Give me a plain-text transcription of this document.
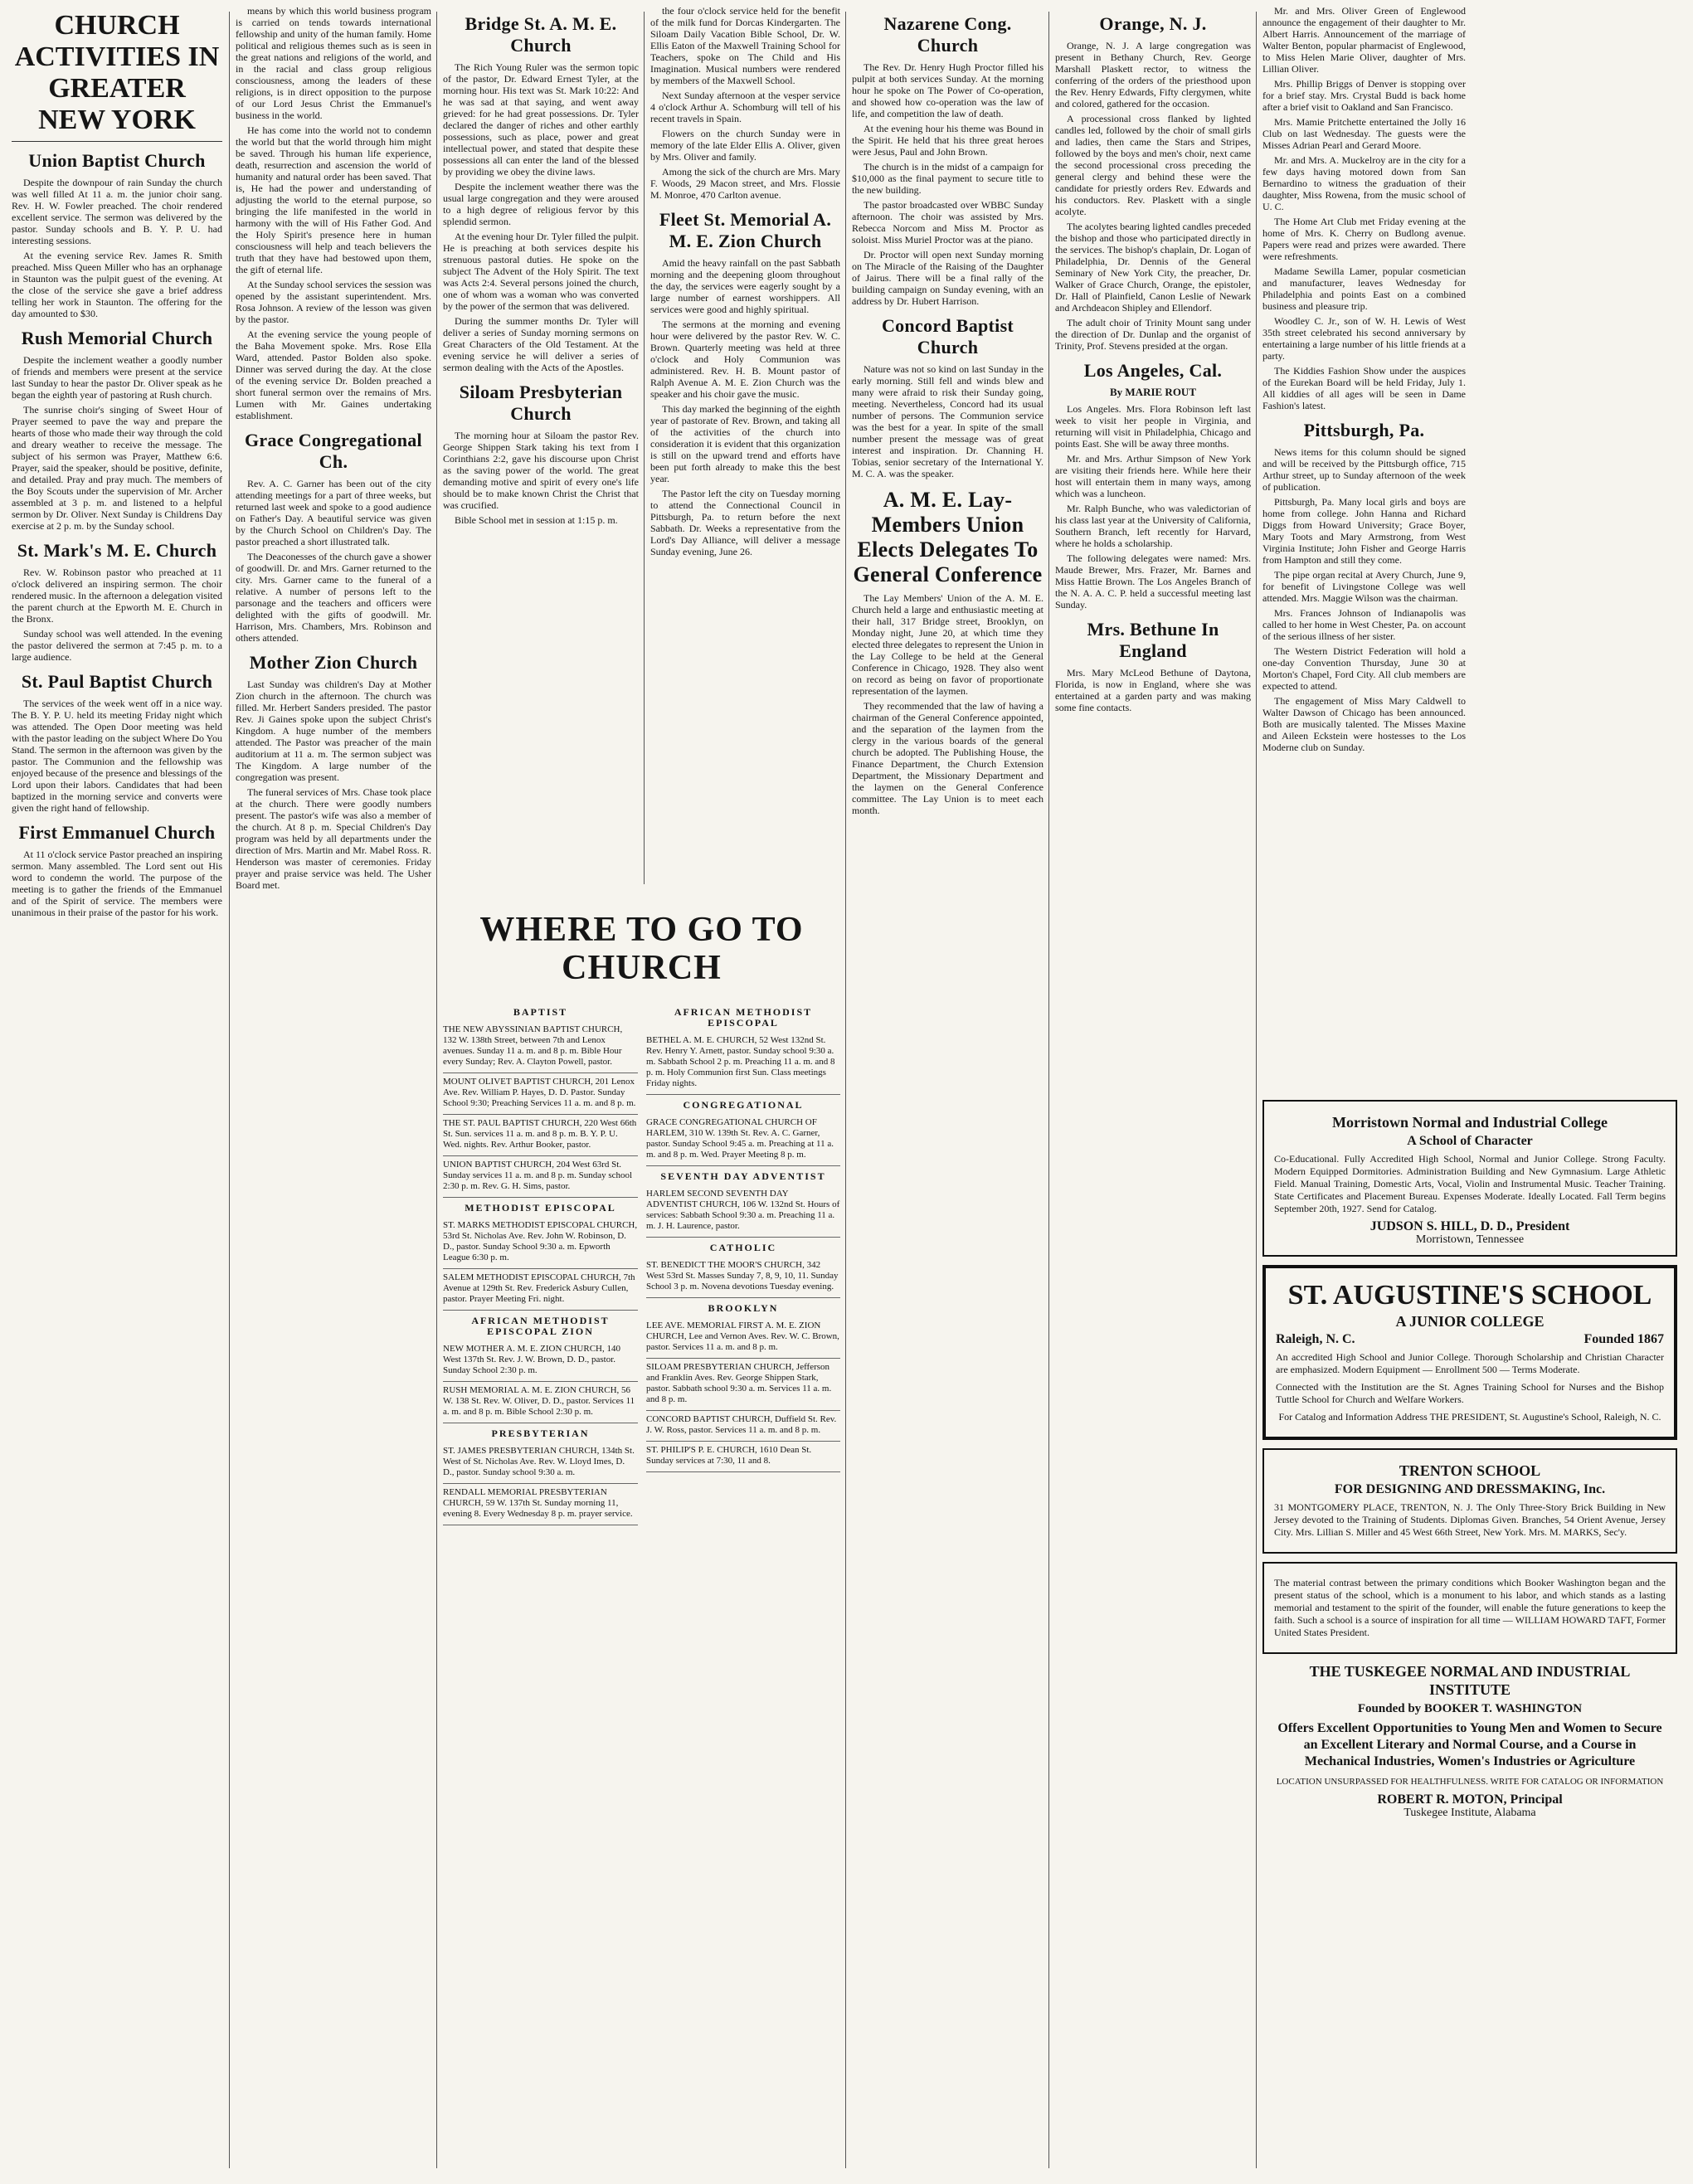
CHURCH ACTIVITIES IN GREATER NEW YORK
Union Baptist Church

Despite the downpour of rain Sunday the church was well filled At 11 a. m. the junior choir sang. Rev. H. W. Fowler preached. The choir rendered excellent service. The sermon was delivered by the pastor. Sunday schools and B. Y. P. U. had interesting sessions.

At the evening service Rev. James R. Smith preached. Miss Queen Miller who has an orphanage in Staunton was the pulpit guest of the evening. At the close of the service she gave a brief address telling her work in Staunton. The offering for the day amounted to $30.

Rush Memorial Church

Despite the inclement weather a goodly number of friends and members were present at the service last Sunday to hear the pastor Dr. Oliver speak as he began the eighth year of pastoring at Rush church.

The sunrise choir's singing of Sweet Hour of Prayer seemed to pave the way and prepare the hearts of those who made their way through the cold and dreary weather to receive the message. The subject of his sermon was Prayer, Matthew 6:6. Prayer, said the speaker, should be positive, definite, and detailed. Pray and pray much. The members of the Boy Scouts under the supervision of Mr. Archer assembled at 3 p. m. and listened to a helpful sermon by Dr. Oliver. Next Sunday is Childrens Day exercise at 2 p. m. by the Sunday school.

St. Mark's M. E. Church

Rev. W. Robinson pastor who preached at 11 o'clock delivered an inspiring sermon. The choir rendered music. In the afternoon a delegation visited the parent church at the Epworth M. E. Church in the Bronx.

Sunday school was well attended. In the evening the pastor delivered the sermon at 7:45 p. m. to a large audience.

St. Paul Baptist Church

The services of the week went off in a nice way. The B. Y. P. U. held its meeting Friday night which was attended. The Open Door meeting was held with the pastor leading on the subject Where Do You Stand. The sermon in the afternoon was given by the pastor. The Communion and the fellowship was enjoyed because of the presence and blessings of the Lord upon their labors. Candidates that had been baptized in the morning service and converts were given the right hand of fellowship.

First Emmanuel Church

At 11 o'clock service Pastor preached an inspiring sermon. Many assembled. The Lord sent out His word to condemn the world. The purpose of the meeting is to gather the friends of the Emmanuel and of the Spirit of service. The members were unanimous in their praise of the pastor for his work.

means by which this world business program is carried on tends towards international fellowship and unity of the human family. Home political and religious themes such as is seen in the great nations and religions of the world, and in the racial and class group religious consciousness, among the leaders of these religions, is in direct opposition to the purpose of our Lord Jesus Christ the Emmanuel's business in the world.

He has come into the world not to condemn the world but that the world through him might be saved. Through his human life experience, death, resurrection and ascension the world of humanity and natural order has been saved. That is, He had the power and understanding of adjusting the world to the eternal purpose, so bringing the life manifested in the world in harmony with the will of His Father God. And the Holy Spirit's presence here in human consciousness will help and teach believers the truth that they have had bestowed upon them, the gift of eternal life.

At the Sunday school services the session was opened by the assistant superintendent. Mrs. Rosa Johnson. A review of the lesson was given by the pastor.

At the evening service the young people of the Baha Movement spoke. Mrs. Rose Ella Ward, attended. Pastor Bolden also spoke. Dinner was served during the day. At the close of the evening service Dr. Bolden preached a short funeral sermon over the remains of Mrs. Lumen with Mr. Gaines undertaking establishment.

Grace Congregational Ch.

Rev. A. C. Garner has been out of the city attending meetings for a part of three weeks, but returned last week and spoke to a good audience on Father's Day. A beautiful service was given by the Church School on Children's Day. The pastor preached a short illustrated talk.

The Deaconesses of the church gave a shower of goodwill. Dr. and Mrs. Garner returned to the city. Mrs. Garner came to the funeral of a relative. A number of persons left to the parsonage and the teachers and officers were delighted with the gifts of goodwill. Mr. Harrison, Mrs. Chambers, Mrs. Robinson and others attended.

Mother Zion Church

Last Sunday was children's Day at Mother Zion church in the afternoon. The church was filled. Mr. Herbert Sanders presided. The pastor Rev. Ji Gaines spoke upon the subject Christ's Kingdom. A huge number of the members attended. The Pastor was preacher of the main auditorium at 11 a. m. The sermon subject was The Kingdom. A large number of the congregation was present.

The funeral services of Mrs. Chase took place at the church. There were goodly numbers present. The pastor's wife was also a member of the church. At 8 p. m. Special Children's Day program was held by all departments under the direction of Mrs. Martin and Mr. Mabel Ross. R. Henderson was master of ceremonies. Friday prayer and praise service was held. The Usher Board met.

Bridge St. A. M. E. Church

The Rich Young Ruler was the sermon topic of the pastor, Dr. Edward Ernest Tyler, at the morning hour. His text was St. Mark 10:22: And he was sad at that saying, and went away grieved: for he had great possessions. Dr. Tyler declared the danger of riches and other earthly possessions, such as place, power and great intellectual power, and stated that despite these possessions all can enter the land of the blessed by providing we obey the divine laws.

Despite the inclement weather there was the usual large congregation and they were aroused to a high degree of religious fervor by this splendid sermon.

At the evening hour Dr. Tyler filled the pulpit. He is preaching at both services despite his strenuous pastoral duties. He spoke on the subject The Advent of the Holy Spirit. The text was Acts 2:4. Several persons joined the church, one of whom was a woman who was converted by the power of the sermon that was delivered.

During the summer months Dr. Tyler will deliver a series of Sunday morning sermons on Great Characters of the Old Testament. At the evening service he will deliver a series of sermon dealing with the Acts of the Apostles.

Siloam Presbyterian Church

The morning hour at Siloam the pastor Rev. George Shippen Stark taking his text from I Corinthians 2:2, gave his discourse upon Christ as the saving power of the world. The great demanding motive and spirit of every one's life should be to make known Christ the Christ that was crucified.

Bible School met in session at 1:15 p. m.

the four o'clock service held for the benefit of the milk fund for Dorcas Kindergarten. The Siloam Daily Vacation Bible School, Dr. W. Ellis Eaton of the Maxwell Training School for Teachers, spoke on The Child and His Imagination. Musical numbers were rendered by members of the Maxwell School.

Next Sunday afternoon at the vesper service 4 o'clock Arthur A. Schomburg will tell of his recent travels in Spain.

Flowers on the church Sunday were in memory of the late Elder Ellis A. Oliver, given by Mrs. Oliver and family.

Among the sick of the church are Mrs. Mary F. Woods, 29 Macon street, and Mrs. Flossie M. Monroe, 470 Carlton avenue.

Fleet St. Memorial A. M. E. Zion Church

Amid the heavy rainfall on the past Sabbath morning and the deepening gloom throughout the day, the services were eagerly sought by a large number of earnest worshippers. All services were good and highly spiritual.

The sermons at the morning and evening hour were delivered by the pastor Rev. W. C. Brown. Quarterly meeting was held at three o'clock and Holy Communion was administered. Rev. H. B. Mount pastor of Ralph Avenue A. M. E. Zion Church was the speaker and his choir gave the music.

This day marked the beginning of the eighth year of pastorate of Rev. Brown, and taking all of the activities of the church into consideration it is evident that this organization is still on the upward trend and efforts have been put forth already to make this the best year.

The Pastor left the city on Tuesday morning to attend the Connectional Council in Pittsburgh, Pa. to return before the next Sabbath. Dr. Weeks a representative from the Lord's Day Alliance, will deliver a message Sunday evening, June 26.

WHERE TO GO TO CHURCH
BAPTIST
THE NEW ABYSSINIAN BAPTIST CHURCH, 132 W. 138th Street, between 7th and Lenox avenues. Sunday 11 a. m. and 8 p. m. Bible Hour every Sunday; Rev. A. Clayton Powell, pastor.
MOUNT OLIVET BAPTIST CHURCH, 201 Lenox Ave. Rev. William P. Hayes, D. D. Pastor. Sunday School 9:30; Preaching Services 11 a. m. and 8 p. m.
THE ST. PAUL BAPTIST CHURCH, 220 West 66th St. Sun. services 11 a. m. and 8 p. m. B. Y. P. U. Wed. nights. Rev. Arthur Booker, pastor.
UNION BAPTIST CHURCH, 204 West 63rd St. Sunday services 11 a. m. and 8 p. m. Sunday school 2:30 p. m. Rev. G. H. Sims, pastor.
METHODIST EPISCOPAL
ST. MARKS METHODIST EPISCOPAL CHURCH, 53rd St. Nicholas Ave. Rev. John W. Robinson, D. D., pastor. Sunday School 9:30 a. m. Epworth League 6:30 p. m.
SALEM METHODIST EPISCOPAL CHURCH, 7th Avenue at 129th St. Rev. Frederick Asbury Cullen, pastor. Prayer Meeting Fri. night.
AFRICAN METHODIST EPISCOPAL ZION
NEW MOTHER A. M. E. ZION CHURCH, 140 West 137th St. Rev. J. W. Brown, D. D., pastor. Sunday School 2:30 p. m.
RUSH MEMORIAL A. M. E. ZION CHURCH, 56 W. 138 St. Rev. W. Oliver, D. D., pastor. Services 11 a. m. and 8 p. m. Bible School 2:30 p. m.
PRESBYTERIAN
ST. JAMES PRESBYTERIAN CHURCH, 134th St. West of St. Nicholas Ave. Rev. W. Lloyd Imes, D. D., pastor. Sunday school 9:30 a. m.
RENDALL MEMORIAL PRESBYTERIAN CHURCH, 59 W. 137th St. Sunday morning 11, evening 8. Every Wednesday 8 p. m. prayer service.
AFRICAN METHODIST EPISCOPAL
BETHEL A. M. E. CHURCH, 52 West 132nd St. Rev. Henry Y. Arnett, pastor. Sunday school 9:30 a. m. Sabbath School 2 p. m. Preaching 11 a. m. and 8 p. m. Holy Communion first Sun. Class meetings Friday nights.
CONGREGATIONAL
GRACE CONGREGATIONAL CHURCH OF HARLEM, 310 W. 139th St. Rev. A. C. Garner, pastor. Sunday School 9:45 a. m. Preaching at 11 a. m. and 8 p. m. Wed. Prayer Meeting 8 p. m.
SEVENTH DAY ADVENTIST
HARLEM SECOND SEVENTH DAY ADVENTIST CHURCH, 106 W. 132nd St. Hours of services: Sabbath School 9:30 a. m. Preaching 11 a. m. J. H. Laurence, pastor.
CATHOLIC
ST. BENEDICT THE MOOR'S CHURCH, 342 West 53rd St. Masses Sunday 7, 8, 9, 10, 11. Sunday School 3 p. m. Novena devotions Tuesday evening.
BROOKLYN
LEE AVE. MEMORIAL FIRST A. M. E. ZION CHURCH, Lee and Vernon Aves. Rev. W. C. Brown, pastor. Services 11 a. m. and 8 p. m.
SILOAM PRESBYTERIAN CHURCH, Jefferson and Franklin Aves. Rev. George Shippen Stark, pastor. Sabbath school 9:30 a. m. Services 11 a. m. and 8 p. m.
CONCORD BAPTIST CHURCH, Duffield St. Rev. J. W. Ross, pastor. Services 11 a. m. and 8 p. m.
ST. PHILIP'S P. E. CHURCH, 1610 Dean St. Sunday services at 7:30, 11 and 8.
Nazarene Cong. Church

The Rev. Dr. Henry Hugh Proctor filled his pulpit at both services Sunday. At the morning hour he spoke on The Power of Co-operation, and showed how co-operation was the law of life, and competition the law of death.

At the evening hour his theme was Bound in the Spirit. He held that his three great heroes were Jesus, Paul and John Brown.

The church is in the midst of a campaign for $10,000 as the final payment to secure title to the new building.

The pastor broadcasted over WBBC Sunday afternoon. The choir was assisted by Mrs. Rebecca Norcom and Miss M. Proctor as soloist. Miss Muriel Proctor was at the piano.

Dr. Proctor will open next Sunday morning on The Miracle of the Raising of the Daughter of Jairus. There will be a final rally of the building campaign on Sunday evening, with an address by Dr. Hubert Harrison.

Concord Baptist Church

Nature was not so kind on last Sunday in the early morning. Still fell and winds blew and many were afraid to risk their Sunday going, meeting. Nevertheless, Concord had its usual number of persons. The Communion service was the best for a year. In spite of the small number present the message was of great interest and inspiration. Dr. Channing H. Tobias, senior secretary of the International Y. M. C. A. was the speaker.

A. M. E. Lay-Members Union Elects Delegates To General Conference

The Lay Members' Union of the A. M. E. Church held a large and enthusiastic meeting at their hall, 317 Bridge street, Brooklyn, on Monday night, June 20, at which time they elected three delegates to represent the Union in the Lay College to be held at the General Conference in Chicago, 1928. They also went on record as being on favor of proportionate representation of the laymen.

They recommended that the law of having a chairman of the General Conference appointed, and the separation of the laymen from the clergy in the various boards of the general church be adopted. The Publishing House, the Finance Department, the Church Extension Department, the Missionary Department and the laymen on the General Conference committee. The Lay Union is to meet each month.

Orange, N. J.

Orange, N. J. A large congregation was present in Bethany Church, Rev. George Marshall Plaskett rector, to witness the conferring of the orders of the priesthood upon the Rev. Henry Edwards, Fifty clergymen, white and colored, gathered for the occasion.

A processional cross flanked by lighted candles led, followed by the choir of small girls and ladies, then came the Stars and Stripes, followed by the boys and men's choir, next came the second processional cross preceding the general clergy and behind these were the candidate for priestly orders Rev. Edwards and his conductors. Rev. Plaskett with a single acolyte.

The acolytes bearing lighted candles preceded the bishop and those who participated directly in the services. The bishop's chaplain, Dr. Logan of Philadelphia, Dr. Dennis of the General Seminary of New York City, the preacher, Dr. Walker of Grace Church, Orange, the epistoler, Dr. Hall of Plainfield, Canon Leslie of Newark and Archdeacon Shipley and Ellendorf.

The adult choir of Trinity Mount sang under the direction of Dr. Dunlap and the organist of Trinity, Prof. Stevens presided at the organ.

Los Angeles, Cal.
By MARIE ROUT

Los Angeles. Mrs. Flora Robinson left last week to visit her people in Virginia, and returning will visit in Philadelphia, Chicago and points East. She will be away three months.

Mr. and Mrs. Arthur Simpson of New York are visiting their friends here. While here their host will entertain them in many ways, among which was a luncheon.

Mr. Ralph Bunche, who was valedictorian of his class last year at the University of California, Southern Branch, left recently for Harvard, where he holds a scholarship.

The following delegates were named: Mrs. Maude Brewer, Mrs. Frazer, Mr. Barnes and Miss Hattie Brown. The Los Angeles Branch of the N. A. A. C. P. held a successful meeting last Sunday.

Mrs. Bethune In England

Mrs. Mary McLeod Bethune of Daytona, Florida, is now in England, where she was entertained at a garden party and was making some fine contacts.

Mr. and Mrs. Oliver Green of Englewood announce the engagement of their daughter to Mr. Albert Harris. Announcement of the marriage of Walter Benton, popular pharmacist of Englewood, to Miss Helen Marie Oliver, daughter of Mrs. Lillian Oliver.

Mrs. Phillip Briggs of Denver is stopping over for a brief stay. Mrs. Crystal Budd is back home after a brief visit to Oakland and San Francisco.

Mrs. Mamie Pritchette entertained the Jolly 16 Club on last Wednesday. The guests were the Misses Adrian Pearl and Gerard Moore.

Mr. and Mrs. A. Muckelroy are in the city for a few days having motored down from San Bernardino to witness the graduation of their daughter, Miss Rowena, from the music school of U. C.

The Home Art Club met Friday evening at the home of Mrs. K. Cherry on Budlong avenue. Papers were read and prizes were awarded. There were refreshments.

Madame Sewilla Lamer, popular cosmetician and manufacturer, leaves Wednesday for Philadelphia and points East on a combined business and pleasure trip.

Woodley C. Jr., son of W. H. Lewis of West 35th street celebrated his second anniversary by entertaining a large number of his little friends at a party.

The Kiddies Fashion Show under the auspices of the Eurekan Board will be held Friday, July 1. All kiddies of all ages will be seen in Dame Fashion's latest.

Pittsburgh, Pa.

News items for this column should be signed and will be received by the Pittsburgh office, 715 Arthur street, up to Sunday afternoon of the week of publication.

Pittsburgh, Pa. Many local girls and boys are home from college. John Hanna and Richard Diggs from Howard University; Grace Boyer, Mary Toots and Mary Armstrong, from West Virginia Institute; John Fisher and George Harris from Hampton and still they come.

The pipe organ recital at Avery Church, June 9, for benefit of Livingstone College was well attended. Mrs. Maggie Wilson was the chairman.

Mrs. Frances Johnson of Indianapolis was called to her home in West Chester, Pa. on account of the serious illness of her sister.

The Western District Federation will hold a one-day Convention Thursday, June 30 at Morton's Chapel, Ford City. All club members are expected to attend.

The engagement of Miss Mary Caldwell to Walter Dawson of Chicago has been announced. Both are musically talented. The Misses Maxine and Aileen Eckstein were hostesses to the Los Moderne club on Sunday.

Morristown Normal and Industrial College
A School of Character
Co-Educational. Fully Accredited High School, Normal and Junior College. Strong Faculty. Modern Equipped Dormitories. Administration Building and New Gymnasium. Large Athletic Field. Manual Training, Domestic Arts, Vocal, Violin and Instrumental Music. Teacher Training. State Certificates and Placement Bureau. Expenses Moderate. Ideally Located. Fall Term begins September 20th, 1927. Send for Catalog.
JUDSON S. HILL, D. D., President
Morristown, Tennessee
ST. AUGUSTINE'S SCHOOL
A JUNIOR COLLEGE
Raleigh, N. C.	Founded 1867
An accredited High School and Junior College. Thorough Scholarship and Christian Character are emphasized. Modern Equipment — Enrollment 500 — Terms Moderate.
Connected with the Institution are the St. Agnes Training School for Nurses and the Bishop Tuttle School for Church and Welfare Workers.
For Catalog and Information Address THE PRESIDENT, St. Augustine's School, Raleigh, N. C.
TRENTON SCHOOL
FOR DESIGNING AND DRESSMAKING, Inc.
31 MONTGOMERY PLACE, TRENTON, N. J. The Only Three-Story Brick Building in New Jersey devoted to the Training of Students. Diplomas Given. Branches, 54 Orient Avenue, Jersey City. Mrs. Lillian S. Miller and 45 West 66th Street, New York. Mrs. M. MARKS, Sec'y.
The material contrast between the primary conditions which Booker Washington began and the present status of the school, which is a monument to his labor, and which stands as a lasting memorial and testament to the spirit of the founder, will enable the future generations to keep the faith. Such a school is a source of inspiration for all time — WILLIAM HOWARD TAFT, Former United States President.
THE TUSKEGEE NORMAL AND INDUSTRIAL INSTITUTE
Founded by BOOKER T. WASHINGTON
Offers Excellent Opportunities to Young Men and Women to Secure an Excellent Literary and Normal Course, and a Course in Mechanical Industries, Women's Industries or Agriculture
LOCATION UNSURPASSED FOR HEALTHFULNESS. WRITE FOR CATALOG OR INFORMATION
ROBERT R. MOTON, Principal
Tuskegee Institute, Alabama
